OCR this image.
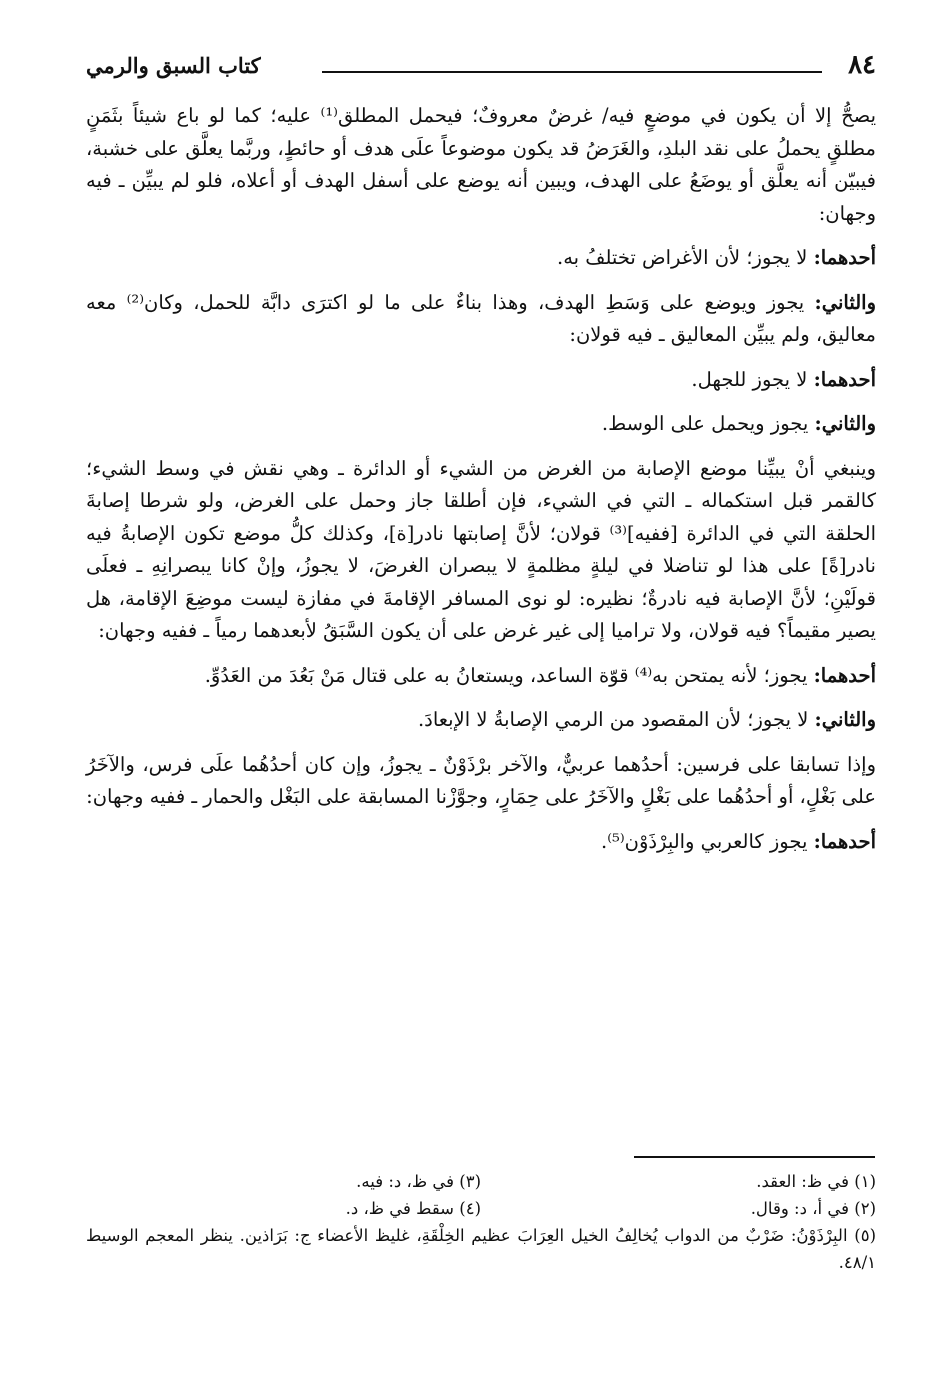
٨٤
كتاب السبق والرمي

يصحُّ إلا أن يكون في موضعٍ فيه/ غرضٌ معروفٌ؛ فيحمل المطلق⁽¹⁾ عليه؛ كما لو باع شيئاً بثَمَنٍ مطلقٍ يحملُ على نقد البلدِ، والغَرَضُ قد يكون موضوعاً علَى هدف أو حائطٍ، وربَّما يعلَّق على خشبة، فيبيّن أنه يعلَّق أو يوضَعُ على الهدف، ويبين أنه يوضع على أسفل الهدف أو أعلاه، فلو لم يبيِّن ـ فيه وجهان:

أحدهما: لا يجوز؛ لأن الأغراض تختلفُ به.

والثاني: يجوز ويوضع على وَسَطِ الهدف، وهذا بناءٌ على ما لو اكترَى دابَّة للحمل، وكان⁽²⁾ معه معاليق، ولم يبيِّن المعاليق ـ فيه قولان:

أحدهما: لا يجوز للجهل.

والثاني: يجوز ويحمل على الوسط.

وينبغي أنْ يبيِّنا موضع الإصابة من الغرض من الشيء أو الدائرة ـ وهي نقش في وسط الشيء؛ كالقمر قبل استكماله ـ التي في الشيء، فإن أطلقا جاز وحمل على الغرض، ولو شرطا إصابةَ الحلقة التي في الدائرة [ففيه]⁽³⁾ قولان؛ لأنَّ إصابتها نادر[ة]، وكذلك كلُّ موضع تكون الإصابةُ فيه نادر[ةً] على هذا لو تناضلا في ليلةٍ مظلمةٍ لا يبصران الغرضَ، لا يجوزُ، وإنْ كانا يبصرانِهِ ـ فعلَى قولَيْنِ؛ لأنَّ الإصابة فيه نادرةٌ؛ نظيره: لو نوى المسافر الإقامةَ في مفازة ليست موضِعَ الإقامة، هل يصير مقيماً؟ فيه قولان، ولا تراميا إلى غير غرض على أن يكون السَّبَقُ لأبعدهما رمياً ـ ففيه وجهان:

أحدهما: يجوز؛ لأنه يمتحن به⁽⁴⁾ قوّة الساعد، ويستعانُ به على قتال مَنْ بَعُدَ من العَدُوِّ.

والثاني: لا يجوز؛ لأن المقصود من الرمي الإصابةُ لا الإبعادَ.

وإذا تسابقا على فرسين: أحدُهما عربيٌّ، والآخر برْذَوْنٌ ـ يجوزُ، وإن كان أحدُهُما علَى فرس، والآخَرُ على بَغْلٍ، أو أحدُهُما على بَغْلٍ والآخَرُ على حِمَارٍ، وجوَّزْنا المسابقة على البَغْل والحمار ـ ففيه وجهان:

أحدهما: يجوز كالعربي والبِرْذَوْن⁽⁵⁾.

(١) في ظ: العقد.
(٣) في ظ، د: فيه.
(٢) في أ، د: وقال.
(٤) سقط في ظ، د.
(٥) البِرْذَوْنُ: ضَرْبٌ من الدواب يُخالِفُ الخيل العِرَابَ عظيم الخِلْقَةِ، غليظ الأعضاء ج: بَرَاذين. ينظر المعجم الوسيط ٤٨/١.
